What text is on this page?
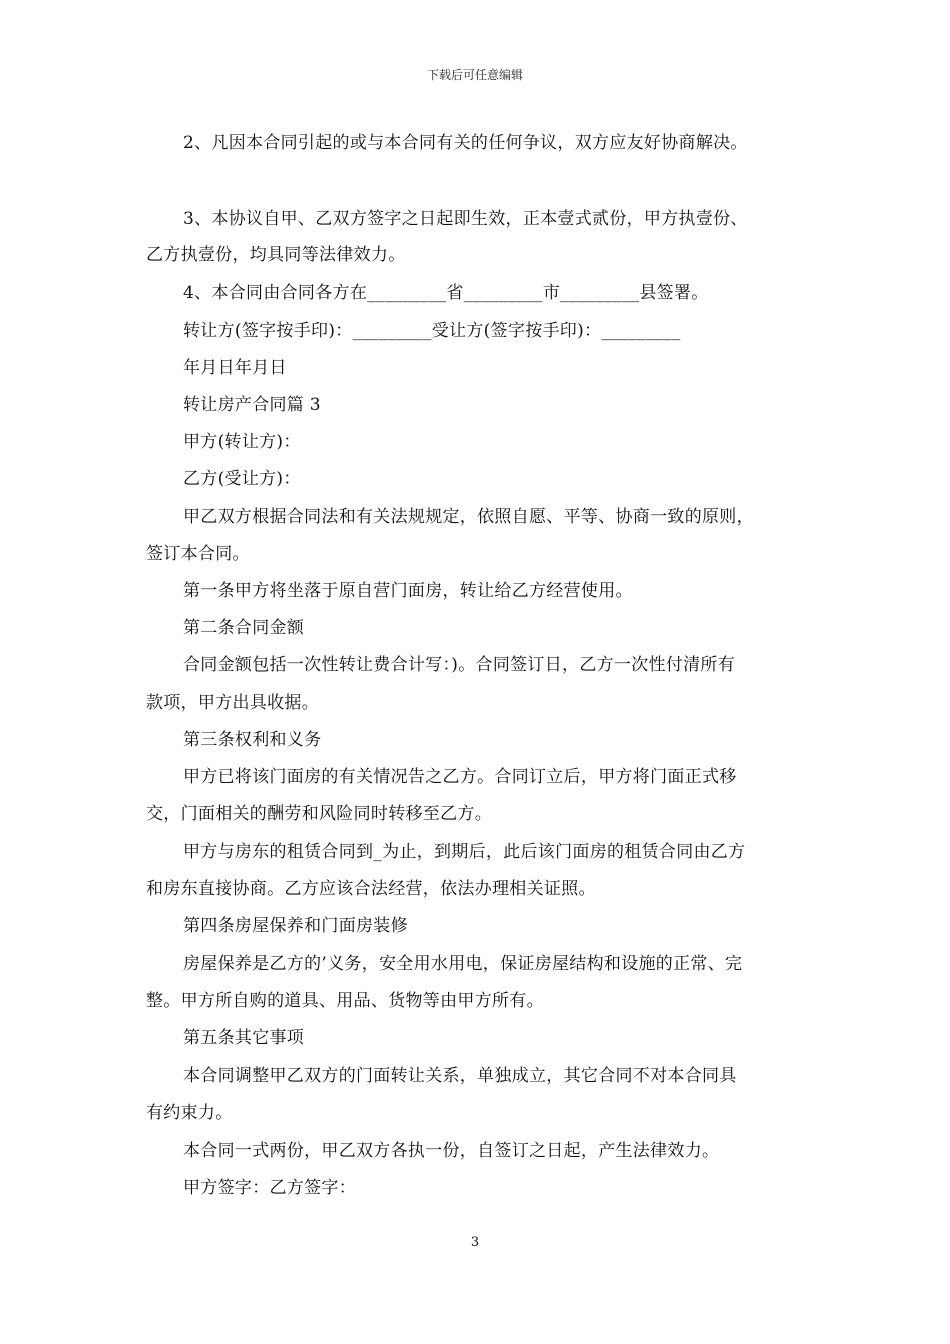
下载后可任意编辑
2、凡因本合同引起的或与本合同有关的任何争议，双方应友好协商解决。
3、本协议自甲、乙双方签字之日起即生效，正本壹式贰份，甲方执壹份、
乙方执壹份，均具同等法律效力。
4、本合同由合同各方在_________省_________市_________县签署。
转让方(签字按手印)：_________受让方(签字按手印)：_________
年月日年月日
转让房产合同篇 3
甲方(转让方)：
乙方(受让方)：
甲乙双方根据合同法和有关法规规定，依照自愿、平等、协商一致的原则，
签订本合同。
第一条甲方将坐落于原自营门面房，转让给乙方经营使用。
第二条合同金额
合同金额包括一次性转让费合计写：)。合同签订日，乙方一次性付清所有
款项，甲方出具收据。
第三条权利和义务
甲方已将该门面房的有关情况告之乙方。合同订立后，甲方将门面正式移
交，门面相关的酬劳和风险同时转移至乙方。
甲方与房东的租赁合同到_为止，到期后，此后该门面房的租赁合同由乙方
和房东直接协商。乙方应该合法经营，依法办理相关证照。
第四条房屋保养和门面房装修
房屋保养是乙方的’义务，安全用水用电，保证房屋结构和设施的正常、完
整。甲方所自购的道具、用品、货物等由甲方所有。
第五条其它事项
本合同调整甲乙双方的门面转让关系，单独成立，其它合同不对本合同具
有约束力。
本合同一式两份，甲乙双方各执一份，自签订之日起，产生法律效力。
甲方签字：乙方签字：
3
